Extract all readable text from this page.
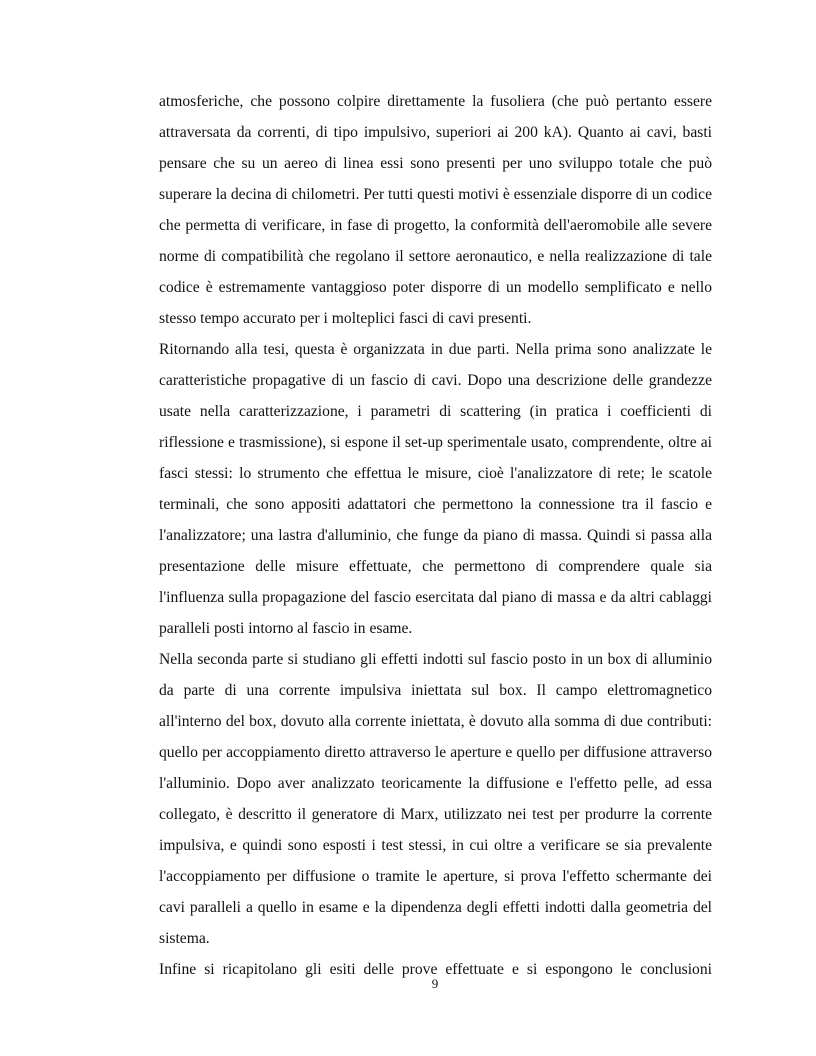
atmosferiche, che possono colpire direttamente la fusoliera (che può pertanto essere attraversata da correnti, di tipo impulsivo, superiori ai 200 kA). Quanto ai cavi, basti pensare che su un aereo di linea essi sono presenti per uno sviluppo totale che può superare la decina di chilometri. Per tutti questi motivi è essenziale disporre di un codice che permetta di verificare, in fase di progetto, la conformità dell'aeromobile alle severe norme di compatibilità che regolano il settore aeronautico, e nella realizzazione di tale codice è estremamente vantaggioso poter disporre di un modello semplificato e nello stesso tempo accurato per i molteplici fasci di cavi presenti.

Ritornando alla tesi, questa è organizzata in due parti. Nella prima sono analizzate le caratteristiche propagative di un fascio di cavi. Dopo una descrizione delle grandezze usate nella caratterizzazione, i parametri di scattering (in pratica i coefficienti di riflessione e trasmissione), si espone il set-up sperimentale usato, comprendente, oltre ai fasci stessi: lo strumento che effettua le misure, cioè l'analizzatore di rete; le scatole terminali, che sono appositi adattatori che permettono la connessione tra il fascio e l'analizzatore; una lastra d'alluminio, che funge da piano di massa. Quindi si passa alla presentazione delle misure effettuate, che permettono di comprendere quale sia l'influenza sulla propagazione del fascio esercitata dal piano di massa e da altri cablaggi paralleli posti intorno al fascio in esame.

Nella seconda parte si studiano gli effetti indotti sul fascio posto in un box di alluminio da parte di una corrente impulsiva iniettata sul box. Il campo elettromagnetico all'interno del box, dovuto alla corrente iniettata, è dovuto alla somma di due contributi: quello per accoppiamento diretto attraverso le aperture e quello per diffusione attraverso l'alluminio. Dopo aver analizzato teoricamente la diffusione e l'effetto pelle, ad essa collegato, è descritto il generatore di Marx, utilizzato nei test per produrre la corrente impulsiva, e quindi sono esposti i test stessi, in cui oltre a verificare se sia prevalente l'accoppiamento per diffusione o tramite le aperture, si prova l'effetto schermante dei cavi paralleli a quello in esame e la dipendenza degli effetti indotti dalla geometria del sistema.

Infine si ricapitolano gli esiti delle prove effettuate e si espongono le conclusioni

9
